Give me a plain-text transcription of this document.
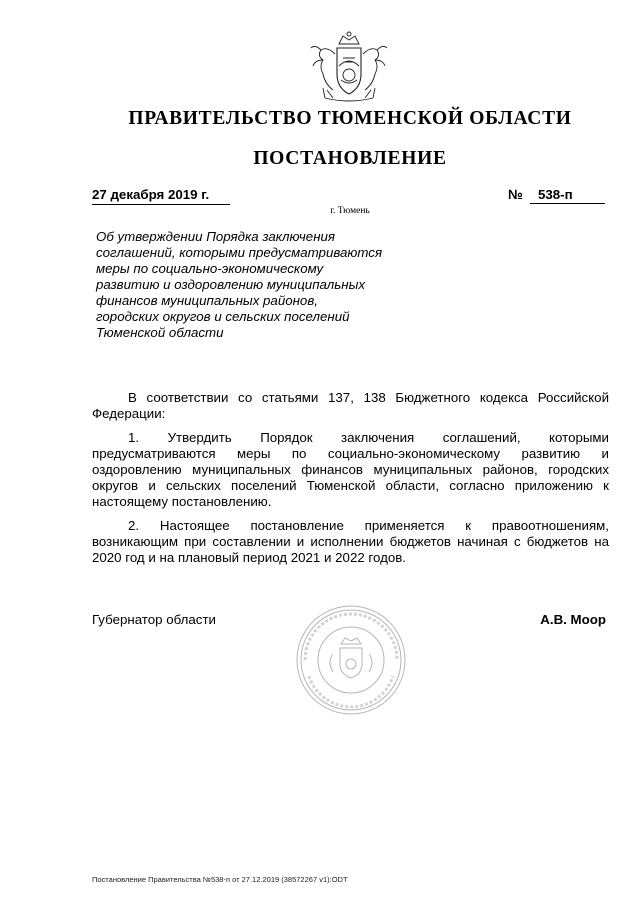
ПРАВИТЕЛЬСТВО ТЮМЕНСКОЙ ОБЛАСТИ
ПОСТАНОВЛЕНИЕ
27 декабря 2019 г.	№	538-п
г. Тюмень
Об утверждении Порядка заключения
соглашений, которыми предусматриваются
меры по социально-экономическому
развитию и оздоровлению муниципальных
финансов муниципальных районов,
городских округов и сельских поселений
Тюменской области

В соответствии со статьями 137, 138 Бюджетного кодекса Российской Федерации:

1. Утвердить Порядок заключения соглашений, которыми предусматриваются меры по социально-экономическому развитию и оздоровлению муниципальных финансов муниципальных районов, городских округов и сельских поселений Тюменской области, согласно приложению к настоящему постановлению.

2. Настоящее постановление применяется к правоотношениям, возникающим при составлении и исполнении бюджетов начиная с бюджетов на 2020 год и на плановый период 2021 и 2022 годов.

Губернатор области	А.В. Моор
Постановление Правительства №538-п от 27.12.2019 (38572267 v1):ODT
